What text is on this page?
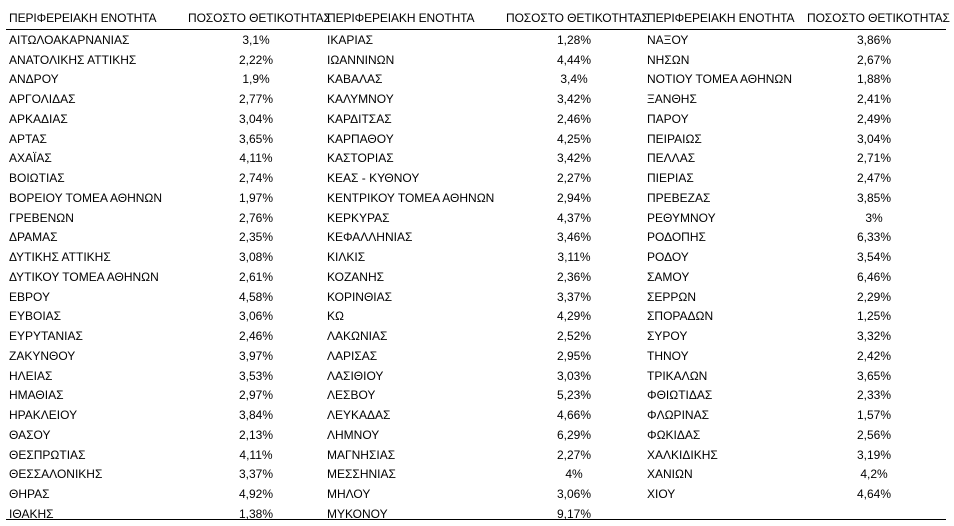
ΠΕΡΙΦΕΡΕΙΑΚΗ ΕΝΟΤΗΤΑ	ΠΟΣΟΣΤΟ ΘΕΤΙΚΟΤΗΤΑΣ
ΠΕΡΙΦΕΡΕΙΑΚΗ ΕΝΟΤΗΤΑ	ΠΟΣΟΣΤΟ ΘΕΤΙΚΟΤΗΤΑΣ
ΠΕΡΙΦΕΡΕΙΑΚΗ ΕΝΟΤΗΤΑ ΠΟΣΟΣΤΟ ΘΕΤΙΚΟΤΗΤΑΣ
ΑΙΤΩΛΟΑΚΑΡΝΑΝΙΑΣ	3,1%
ΑΝΑΤΟΛΙΚΗΣ ΑΤΤΙΚΗΣ	2,22%
ΑΝΔΡΟΥ	1,9%
ΑΡΓΟΛΙΔΑΣ	2,77%
ΑΡΚΑΔΙΑΣ	3,04%
ΑΡΤΑΣ	3,65%
ΑΧΑΪΑΣ	4,11%
ΒΟΙΩΤΙΑΣ	2,74%
ΒΟΡΕΙΟΥ ΤΟΜΕΑ ΑΘΗΝΩΝ	1,97%
ΓΡΕΒΕΝΩΝ	2,76%
ΔΡΑΜΑΣ	2,35%
ΔΥΤΙΚΗΣ ΑΤΤΙΚΗΣ	3,08%
ΔΥΤΙΚΟΥ ΤΟΜΕΑ ΑΘΗΝΩΝ	2,61%
ΕΒΡΟΥ	4,58%
ΕΥΒΟΙΑΣ	3,06%
ΕΥΡΥΤΑΝΙΑΣ	2,46%
ΖΑΚΥΝΘΟΥ	3,97%
ΗΛΕΙΑΣ	3,53%
ΗΜΑΘΙΑΣ	2,97%
ΗΡΑΚΛΕΙΟΥ	3,84%
ΘΑΣΟΥ	2,13%
ΘΕΣΠΡΩΤΙΑΣ	4,11%
ΘΕΣΣΑΛΟΝΙΚΗΣ	3,37%
ΘΗΡΑΣ	4,92%
ΙΘΑΚΗΣ	1,38%
ΙΚΑΡΙΑΣ	1,28%
ΙΩΑΝΝΙΝΩΝ	4,44%
ΚΑΒΑΛΑΣ	3,4%
ΚΑΛΥΜΝΟΥ	3,42%
ΚΑΡΔΙΤΣΑΣ	2,46%
ΚΑΡΠΑΘΟΥ	4,25%
ΚΑΣΤΟΡΙΑΣ	3,42%
ΚΕΑΣ - ΚΥΘΝΟΥ	2,27%
ΚΕΝΤΡΙΚΟΥ ΤΟΜΕΑ ΑΘΗΝΩΝ	2,94%
ΚΕΡΚΥΡΑΣ	4,37%
ΚΕΦΑΛΛΗΝΙΑΣ	3,46%
ΚΙΛΚΙΣ	3,11%
ΚΟΖΑΝΗΣ	2,36%
ΚΟΡΙΝΘΙΑΣ	3,37%
ΚΩ	4,29%
ΛΑΚΩΝΙΑΣ	2,52%
ΛΑΡΙΣΑΣ	2,95%
ΛΑΣΙΘΙΟΥ	3,03%
ΛΕΣΒΟΥ	5,23%
ΛΕΥΚΑΔΑΣ	4,66%
ΛΗΜΝΟΥ	6,29%
ΜΑΓΝΗΣΙΑΣ	2,27%
ΜΕΣΣΗΝΙΑΣ	4%
ΜΗΛΟΥ	3,06%
ΜΥΚΟΝΟΥ	9,17%
ΝΑΞΟΥ	3,86%
ΝΗΣΩΝ	2,67%
ΝΟΤΙΟΥ ΤΟΜΕΑ ΑΘΗΝΩΝ	1,88%
ΞΑΝΘΗΣ	2,41%
ΠΑΡΟΥ	2,49%
ΠΕΙΡΑΙΩΣ	3,04%
ΠΕΛΛΑΣ	2,71%
ΠΙΕΡΙΑΣ	2,47%
ΠΡΕΒΕΖΑΣ	3,85%
ΡΕΘΥΜΝΟΥ	3%
ΡΟΔΟΠΗΣ	6,33%
ΡΟΔΟΥ	3,54%
ΣΑΜΟΥ	6,46%
ΣΕΡΡΩΝ	2,29%
ΣΠΟΡΑΔΩΝ	1,25%
ΣΥΡΟΥ	3,32%
ΤΗΝΟΥ	2,42%
ΤΡΙΚΑΛΩΝ	3,65%
ΦΘΙΩΤΙΔΑΣ	2,33%
ΦΛΩΡΙΝΑΣ	1,57%
ΦΩΚΙΔΑΣ	2,56%
ΧΑΛΚΙΔΙΚΗΣ	3,19%
ΧΑΝΙΩΝ	4,2%
ΧΙΟΥ	4,64%
